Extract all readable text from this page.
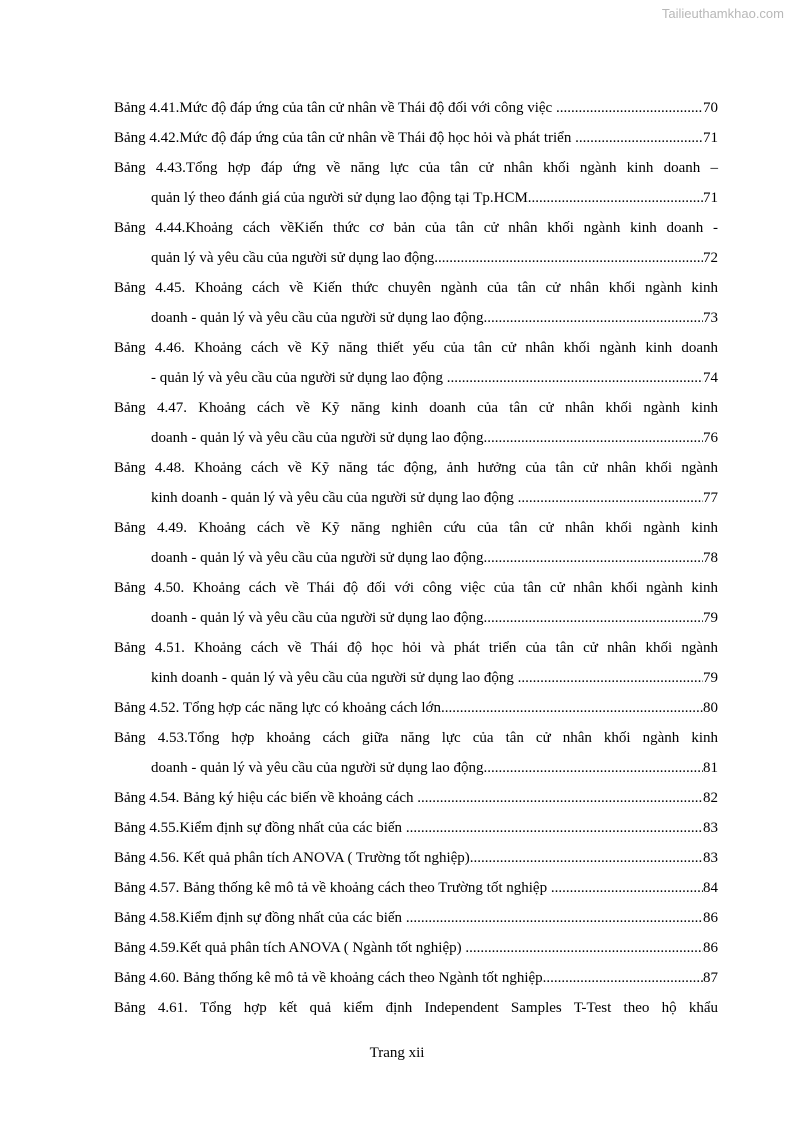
Tailieuthamkhao.com
Bảng 4.41.Mức độ đáp ứng của tân cử nhân về Thái độ đối với công việc .....	70
Bảng 4.42.Mức độ đáp ứng của tân cử nhân về Thái độ học hỏi và phát triển .....	71
Bảng 4.43.Tổng hợp đáp ứng về năng lực của tân cử nhân khối ngành kinh doanh –
quản lý theo đánh giá của người sử dụng lao động tại Tp.HCM .....	71
Bảng 4.44.Khoảng cách vềKiến thức cơ bản của tân cử nhân khối ngành kinh doanh -
quản lý và yêu cầu của người sử dụng lao động .....	72
Bảng 4.45. Khoảng cách về Kiến thức chuyên ngành của tân cử nhân khối ngành kinh
doanh - quản lý và yêu cầu của người sử dụng lao động .....	73
Bảng 4.46. Khoảng cách về Kỹ năng thiết yếu của tân cử nhân khối ngành kinh doanh
- quản lý và yêu cầu của người sử dụng lao động .....	74
Bảng 4.47. Khoảng cách về Kỹ năng kinh doanh của tân cử nhân khối ngành kinh
doanh - quản lý và yêu cầu của người sử dụng lao động .....	76
Bảng 4.48. Khoảng cách về Kỹ năng tác động, ảnh hưởng của tân cử nhân khối ngành
kinh doanh - quản lý và yêu cầu của người sử dụng lao động .....	77
Bảng 4.49. Khoảng cách về Kỹ năng nghiên cứu của tân cử nhân khối ngành kinh
doanh - quản lý và yêu cầu của người sử dụng lao động .....	78
Bảng 4.50. Khoảng cách về Thái độ đối với công việc của tân cử nhân khối ngành kinh
doanh - quản lý và yêu cầu của người sử dụng lao động .....	79
Bảng 4.51. Khoảng cách về Thái độ học hỏi và phát triển của tân cử nhân khối ngành
kinh doanh - quản lý và yêu cầu của người sử dụng lao động .....	79
Bảng 4.52. Tổng hợp các năng lực có khoảng cách lớn .....	80
Bảng 4.53.Tổng hợp khoảng cách giữa năng lực của tân cử nhân khối ngành kinh
doanh - quản lý và yêu cầu của người sử dụng lao động .....	81
Bảng 4.54. Bảng ký hiệu các biến về khoảng cách .....	82
Bảng 4.55.Kiểm định sự đồng nhất của các biến .....	83
Bảng 4.56. Kết quả phân tích ANOVA ( Trường tốt nghiệp) .....	83
Bảng 4.57. Bảng thống kê mô tả về khoảng cách theo Trường tốt nghiệp .....	84
Bảng 4.58.Kiểm định sự đồng nhất của các biến .....	86
Bảng 4.59.Kết quả phân tích ANOVA ( Ngành tốt nghiệp) .....	86
Bảng 4.60. Bảng thống kê mô tả về khoảng cách theo Ngành tốt nghiệp .....	87
Bảng 4.61. Tổng hợp kết quả kiểm định Independent Samples T-Test theo hộ khẩu
Trang xii
